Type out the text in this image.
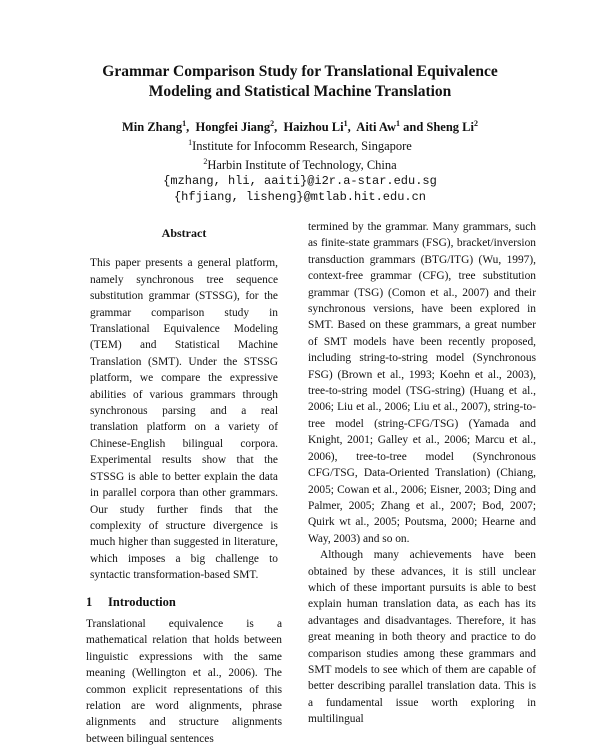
Grammar Comparison Study for Translational Equivalence
Modeling and Statistical Machine Translation
Min Zhang$^1$,  Hongfei Jiang$^2$,  Haizhou Li$^1$,  Aiti Aw$^1$ and Sheng Li$^2$
$^1$Institute for Infocomm Research, Singapore
$^2$Harbin Institute of Technology, China
{mzhang, hli, aaiti}@i2r.a-star.edu.sg
{hfjiang, lisheng}@mtlab.hit.edu.cn
Abstract

This paper presents a general platform, namely synchronous tree sequence substitution grammar (STSSG), for the grammar comparison study in Translational Equivalence Modeling (TEM) and Statistical Machine Translation (SMT). Under the STSSG platform, we compare the expressive abilities of various grammars through synchronous parsing and a real translation platform on a variety of Chinese-English bilingual corpora. Experimental results show that the STSSG is able to better explain the data in parallel corpora than other grammars. Our study further finds that the complexity of structure divergence is much higher than suggested in literature, which imposes a big challenge to syntactic transformation-based SMT.

1 Introduction

Translational equivalence is a mathematical relation that holds between linguistic expressions with the same meaning (Wellington et al., 2006). The common explicit representations of this relation are word alignments, phrase alignments and structure alignments between bilingual sentences

termined by the grammar. Many grammars, such as finite-state grammars (FSG), bracket/inversion transduction grammars (BTG/ITG) (Wu, 1997), context-free grammar (CFG), tree substitution grammar (TSG) (Comon et al., 2007) and their synchronous versions, have been explored in SMT. Based on these grammars, a great number of SMT models have been recently proposed, including string-to-string model (Synchronous FSG) (Brown et al., 1993; Koehn et al., 2003), tree-to-string model (TSG-string) (Huang et al., 2006; Liu et al., 2006; Liu et al., 2007), string-to-tree model (string-CFG/TSG) (Yamada and Knight, 2001; Galley et al., 2006; Marcu et al., 2006), tree-to-tree model (Synchronous CFG/TSG, Data-Oriented Translation) (Chiang, 2005; Cowan et al., 2006; Eisner, 2003; Ding and Palmer, 2005; Zhang et al., 2007; Bod, 2007; Quirk wt al., 2005; Poutsma, 2000; Hearne and Way, 2003) and so on.

Although many achievements have been obtained by these advances, it is still unclear which of these important pursuits is able to best explain human translation data, as each has its advantages and disadvantages. Therefore, it has great meaning in both theory and practice to do comparison studies among these grammars and SMT models to see which of them are capable of better describing parallel translation data. This is a fundamental issue worth exploring in multilingual
